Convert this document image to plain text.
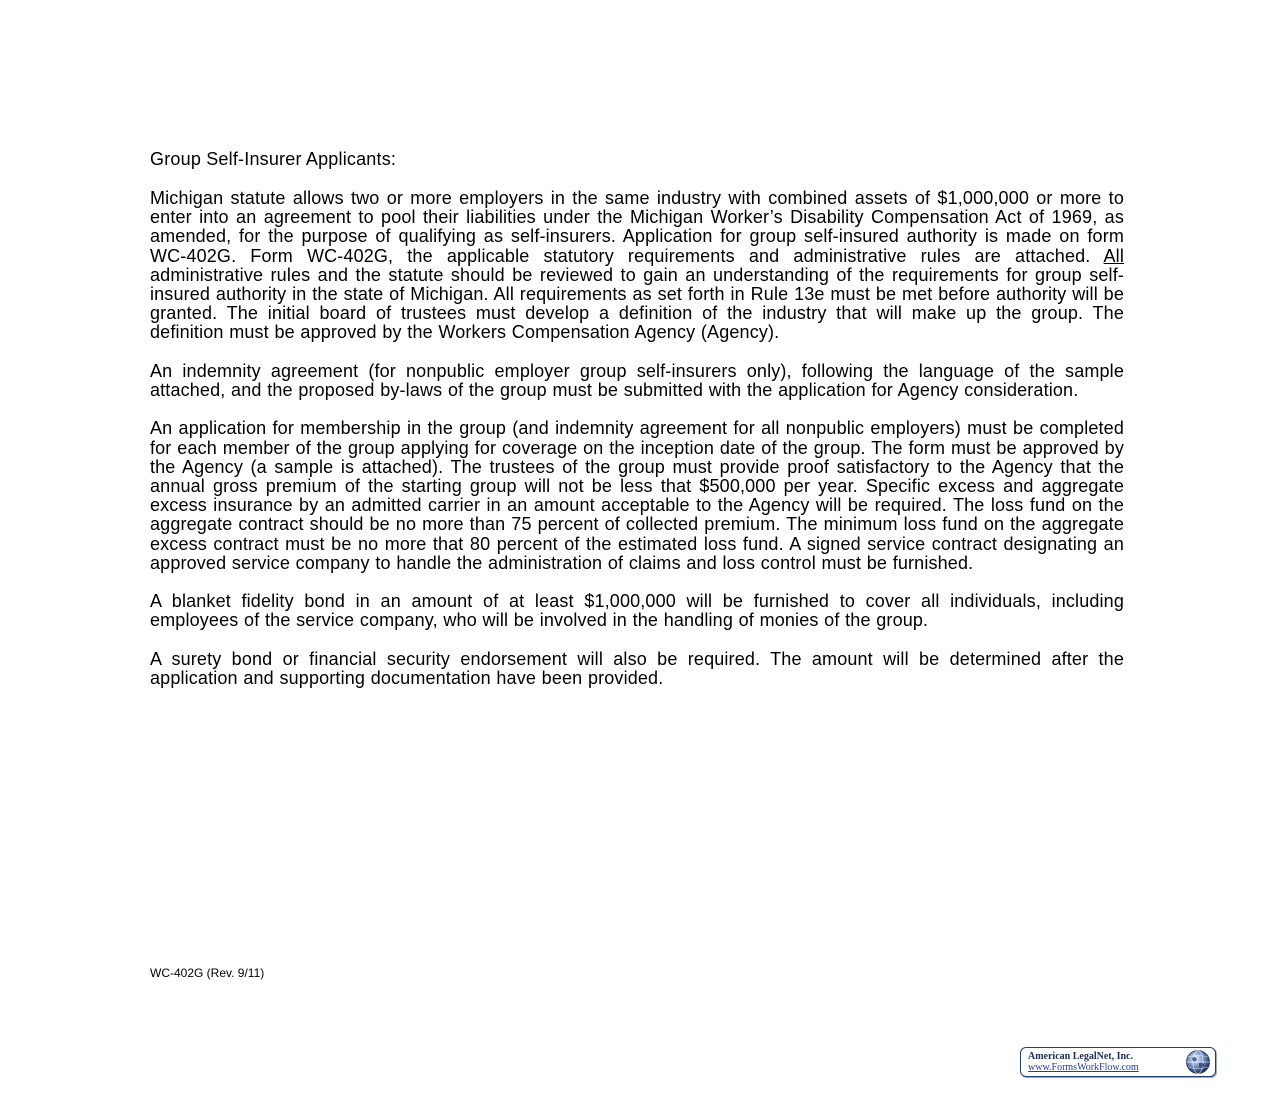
Group Self-Insurer Applicants:

Michigan statute allows two or more employers in the same industry with combined assets of $1,000,000 or more to enter into an agreement to pool their liabilities under the Michigan Worker’s Disability Compensation Act of 1969, as amended, for the purpose of qualifying as self-insurers. Application for group self-insured authority is made on form WC-402G. Form WC-402G, the applicable statutory requirements and administrative rules are attached. All administrative rules and the statute should be reviewed to gain an understanding of the requirements for group self-insured authority in the state of Michigan. All requirements as set forth in Rule 13e must be met before authority will be granted. The initial board of trustees must develop a definition of the industry that will make up the group. The definition must be approved by the Workers Compensation Agency (Agency).

An indemnity agreement (for nonpublic employer group self-insurers only), following the language of the sample attached, and the proposed by-laws of the group must be submitted with the application for Agency consideration.

An application for membership in the group (and indemnity agreement for all nonpublic employers) must be completed for each member of the group applying for coverage on the inception date of the group. The form must be approved by the Agency (a sample is attached). The trustees of the group must provide proof satisfactory to the Agency that the annual gross premium of the starting group will not be less that $500,000 per year. Specific excess and aggregate excess insurance by an admitted carrier in an amount acceptable to the Agency will be required. The loss fund on the aggregate contract should be no more than 75 percent of collected premium. The minimum loss fund on the aggregate excess contract must be no more that 80 percent of the estimated loss fund. A signed service contract designating an approved service company to handle the administration of claims and loss control must be furnished.

A blanket fidelity bond in an amount of at least $1,000,000 will be furnished to cover all individuals, including employees of the service company, who will be involved in the handling of monies of the group.

A surety bond or financial security endorsement will also be required. The amount will be determined after the application and supporting documentation have been provided.

WC-402G (Rev. 9/11)
American LegalNet, Inc.
www.FormsWorkFlow.com
